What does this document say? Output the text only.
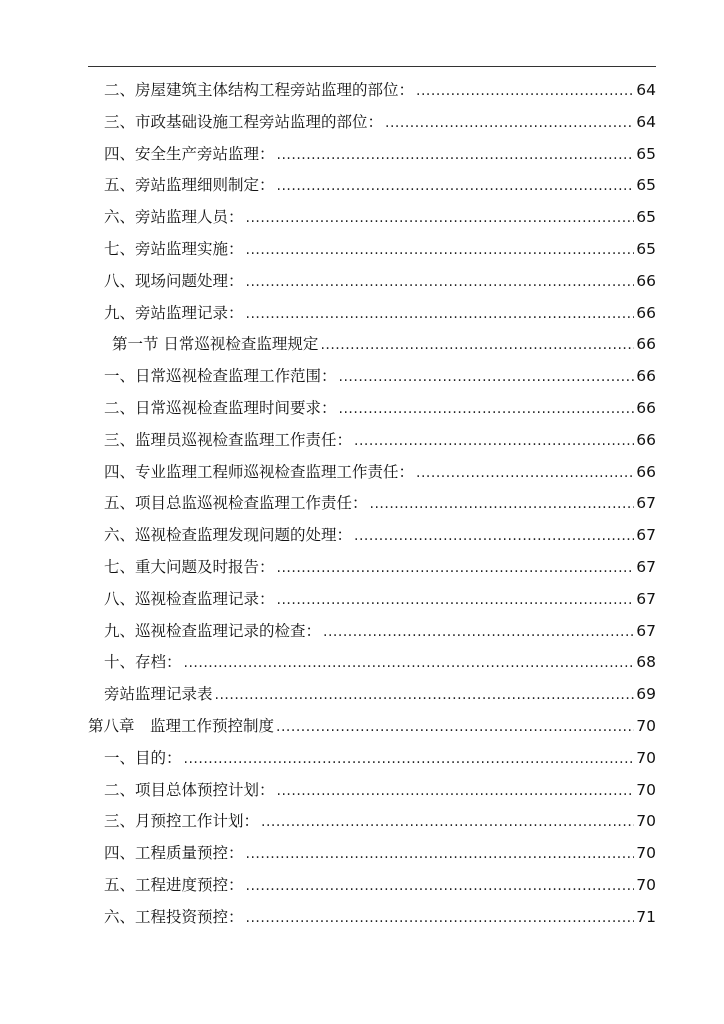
二、房屋建筑主体结构工程旁站监理的部位： .....	64
三、市政基础设施工程旁站监理的部位： .....	64
四、安全生产旁站监理： .....	65
五、旁站监理细则制定： .....	65
六、旁站监理人员： .....	65
七、旁站监理实施： .....	65
八、现场问题处理： .....	66
九、旁站监理记录： .....	66
第一节 日常巡视检查监理规定 .....	66
一、日常巡视检查监理工作范围： .....	66
二、日常巡视检查监理时间要求： .....	66
三、监理员巡视检查监理工作责任： .....	66
四、专业监理工程师巡视检查监理工作责任： .....	66
五、项目总监巡视检查监理工作责任： .....	67
六、巡视检查监理发现问题的处理： .....	67
七、重大问题及时报告： .....	67
八、巡视检查监理记录： .....	67
九、巡视检查监理记录的检查： .....	67
十、存档： .....	68
旁站监理记录表 .....	69
第八章　监理工作预控制度 .....	70
一、目的： .....	70
二、项目总体预控计划： .....	70
三、月预控工作计划： .....	70
四、工程质量预控： .....	70
五、工程进度预控： .....	70
六、工程投资预控： .....	71
